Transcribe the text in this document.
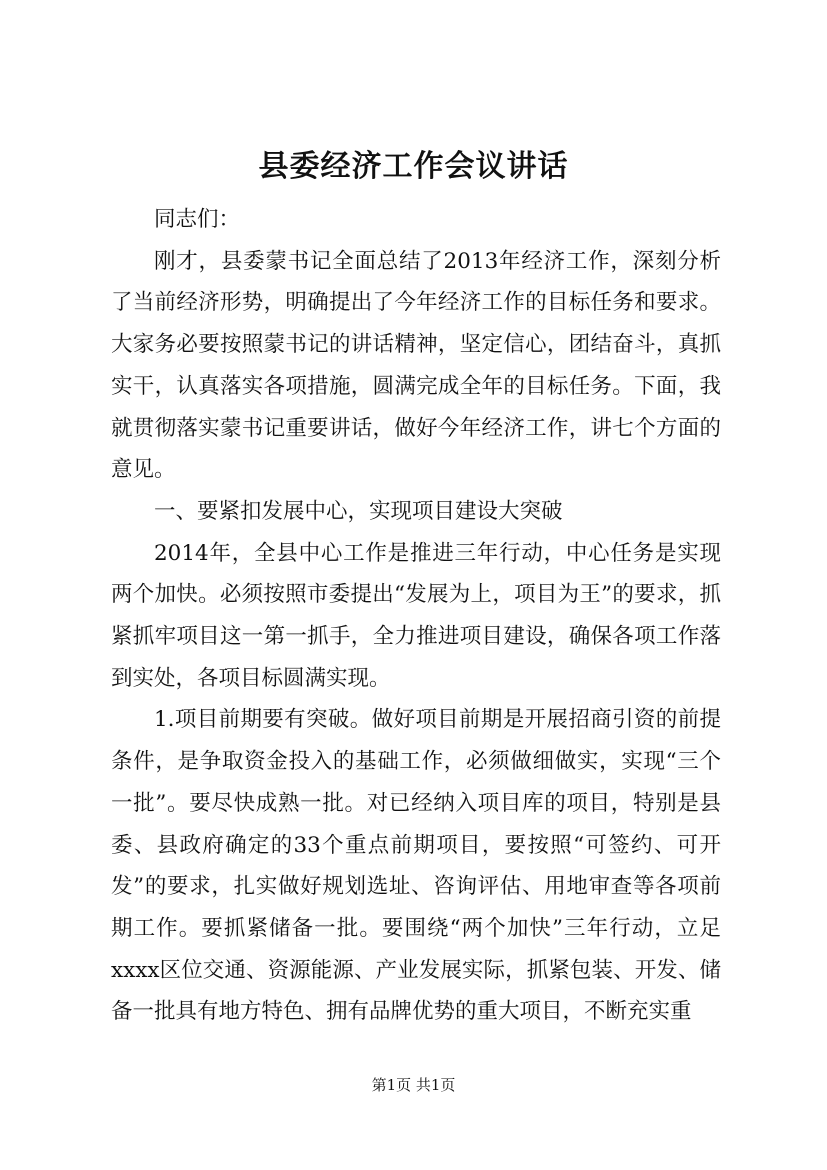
县委经济工作会议讲话

同志们：

刚才，县委蒙书记全面总结了2013年经济工作，深刻分析了当前经济形势，明确提出了今年经济工作的目标任务和要求。大家务必要按照蒙书记的讲话精神，坚定信心，团结奋斗，真抓实干，认真落实各项措施，圆满完成全年的目标任务。下面，我就贯彻落实蒙书记重要讲话，做好今年经济工作，讲七个方面的意见。

一、要紧扣发展中心，实现项目建设大突破

2014年，全县中心工作是推进三年行动，中心任务是实现两个加快。必须按照市委提出“发展为上，项目为王”的要求，抓紧抓牢项目这一第一抓手，全力推进项目建设，确保各项工作落到实处，各项目标圆满实现。

1.项目前期要有突破。做好项目前期是开展招商引资的前提条件，是争取资金投入的基础工作，必须做细做实，实现“三个一批”。要尽快成熟一批。对已经纳入项目库的项目，特别是县委、县政府确定的33个重点前期项目，要按照“可签约、可开发”的要求，扎实做好规划选址、咨询评估、用地审查等各项前期工作。要抓紧储备一批。要围绕“两个加快”三年行动，立足xxxx区位交通、资源能源、产业发展实际，抓紧包装、开发、储备一批具有地方特色、拥有品牌优势的重大项目，不断充实重

第1页 共1页
